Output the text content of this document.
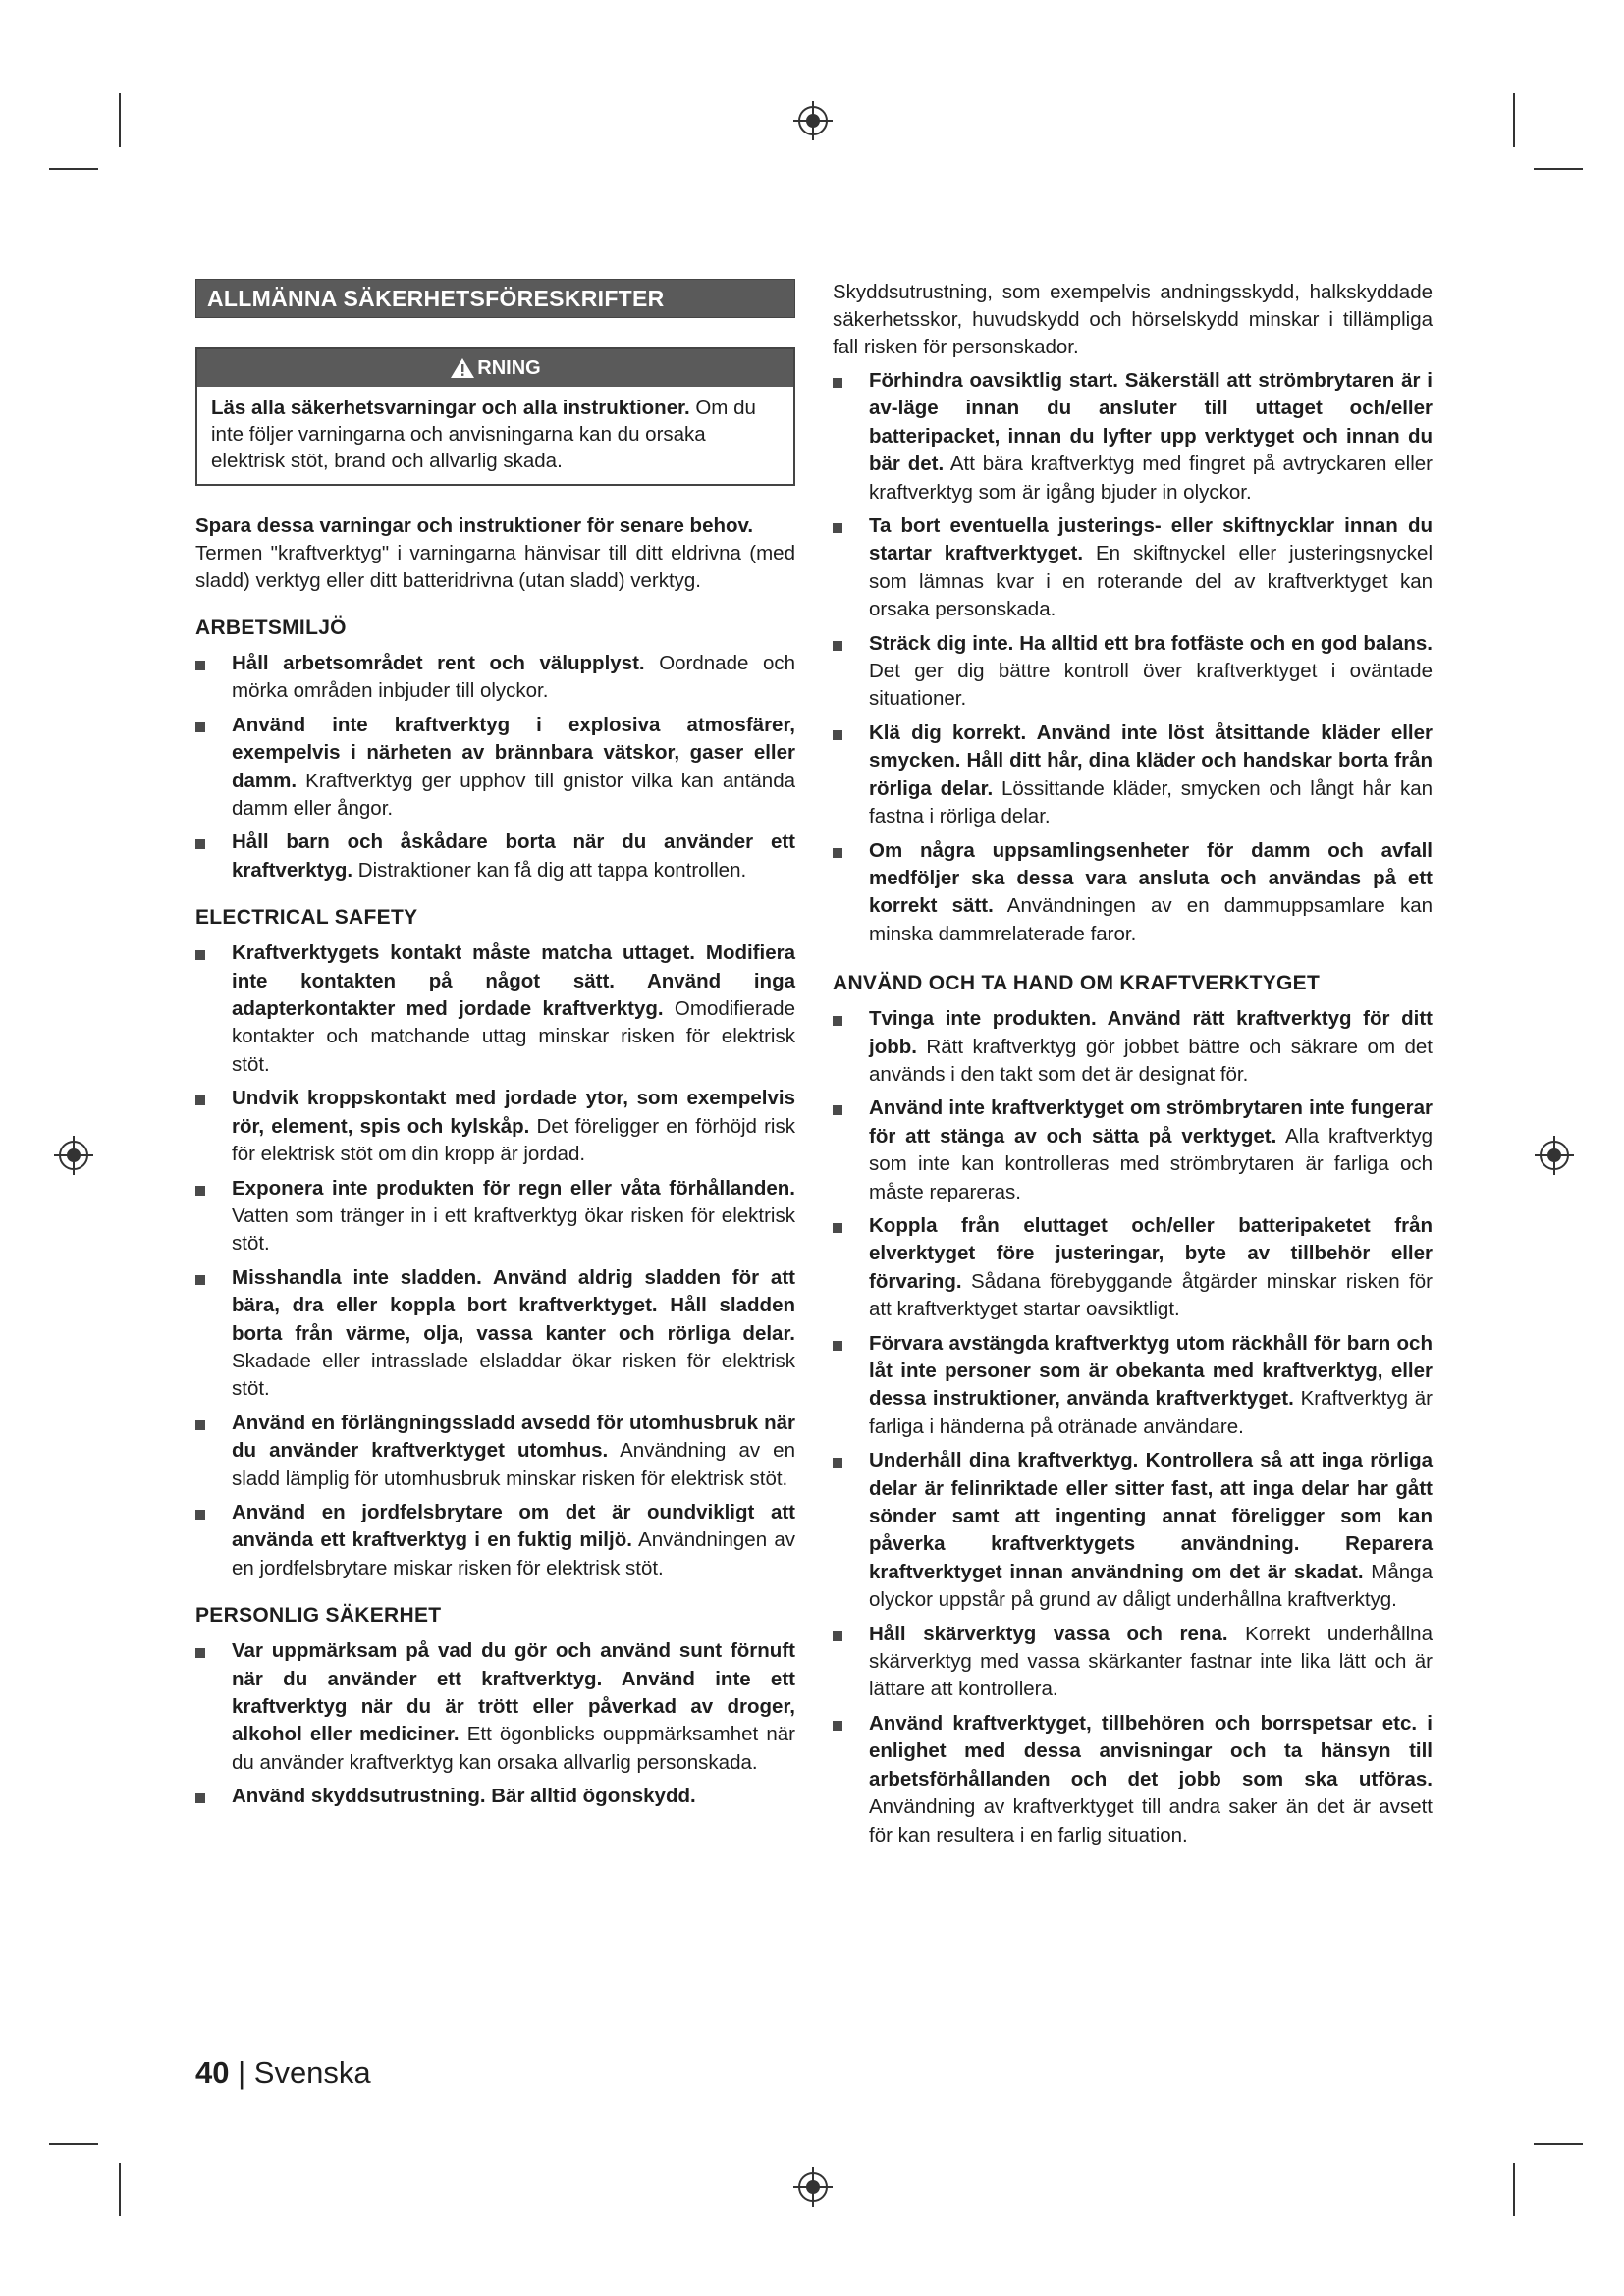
ALLMÄNNA SÄKERHETSFÖRESKRIFTER
RNING
Läs alla säkerhetsvarningar och alla instruktioner. Om du inte följer varningarna och anvisningarna kan du orsaka elektrisk stöt, brand och allvarlig skada.

Spara dessa varningar och instruktioner för senare behov.

Termen "kraftverktyg" i varningarna hänvisar till ditt eldrivna (med sladd) verktyg eller ditt batteridrivna (utan sladd) verktyg.

ARBETSMILJÖ
Håll arbetsområdet rent och välupplyst. Oordnade och mörka områden inbjuder till olyckor.
Använd inte kraftverktyg i explosiva atmosfärer, exempelvis i närheten av brännbara vätskor, gaser eller damm. Kraftverktyg ger upphov till gnistor vilka kan antända damm eller ångor.
Håll barn och åskådare borta när du använder ett kraftverktyg. Distraktioner kan få dig att tappa kontrollen.
ELECTRICAL SAFETY
Kraftverktygets kontakt måste matcha uttaget. Modifiera inte kontakten på något sätt. Använd inga adapterkontakter med jordade kraftverktyg. Omodifierade kontakter och matchande uttag minskar risken för elektrisk stöt.
Undvik kroppskontakt med jordade ytor, som exempelvis rör, element, spis och kylskåp. Det föreligger en förhöjd risk för elektrisk stöt om din kropp är jordad.
Exponera inte produkten för regn eller våta förhållanden. Vatten som tränger in i ett kraftverktyg ökar risken för elektrisk stöt.
Misshandla inte sladden. Använd aldrig sladden för att bära, dra eller koppla bort kraftverktyget. Håll sladden borta från värme, olja, vassa kanter och rörliga delar. Skadade eller intrasslade elsladdar ökar risken för elektrisk stöt.
Använd en förlängningssladd avsedd för utomhusbruk när du använder kraftverktyget utomhus. Användning av en sladd lämplig för utomhusbruk minskar risken för elektrisk stöt.
Använd en jordfelsbrytare om det är oundvikligt att använda ett kraftverktyg i en fuktig miljö. Användningen av en jordfelsbrytare miskar risken för elektrisk stöt.
PERSONLIG SÄKERHET
Var uppmärksam på vad du gör och använd sunt förnuft när du använder ett kraftverktyg. Använd inte ett kraftverktyg när du är trött eller påverkad av droger, alkohol eller mediciner. Ett ögonblicks ouppmärksamhet när du använder kraftverktyg kan orsaka allvarlig personskada.
Använd skyddsutrustning. Bär alltid ögonskydd.

Skyddsutrustning, som exempelvis andningsskydd, halkskyddade säkerhetsskor, huvudskydd och hörselskydd minskar i tillämpliga fall risken för personskador.

Förhindra oavsiktlig start. Säkerställ att strömbrytaren är i av-läge innan du ansluter till uttaget och/eller batteripacket, innan du lyfter upp verktyget och innan du bär det. Att bära kraftverktyg med fingret på avtryckaren eller kraftverktyg som är igång bjuder in olyckor.
Ta bort eventuella justerings- eller skiftnycklar innan du startar kraftverktyget. En skiftnyckel eller justeringsnyckel som lämnas kvar i en roterande del av kraftverktyget kan orsaka personskada.
Sträck dig inte. Ha alltid ett bra fotfäste och en god balans. Det ger dig bättre kontroll över kraftverktyget i oväntade situationer.
Klä dig korrekt. Använd inte löst åtsittande kläder eller smycken. Håll ditt hår, dina kläder och handskar borta från rörliga delar. Lössittande kläder, smycken och långt hår kan fastna i rörliga delar.
Om några uppsamlingsenheter för damm och avfall medföljer ska dessa vara ansluta och användas på ett korrekt sätt. Användningen av en dammuppsamlare kan minska dammrelaterade faror.
ANVÄND OCH TA HAND OM KRAFTVERKTYGET
Tvinga inte produkten. Använd rätt kraftverktyg för ditt jobb. Rätt kraftverktyg gör jobbet bättre och säkrare om det används i den takt som det är designat för.
Använd inte kraftverktyget om strömbrytaren inte fungerar för att stänga av och sätta på verktyget. Alla kraftverktyg som inte kan kontrolleras med strömbrytaren är farliga och måste repareras.
Koppla från eluttaget och/eller batteripaketet från elverktyget före justeringar, byte av tillbehör eller förvaring. Sådana förebyggande åtgärder minskar risken för att kraftverktyget startar oavsiktligt.
Förvara avstängda kraftverktyg utom räckhåll för barn och låt inte personer som är obekanta med kraftverktyg, eller dessa instruktioner, använda kraftverktyget. Kraftverktyg är farliga i händerna på otränade användare.
Underhåll dina kraftverktyg. Kontrollera så att inga rörliga delar är felinriktade eller sitter fast, att inga delar har gått sönder samt att ingenting annat föreligger som kan påverka kraftverktygets användning. Reparera kraftverktyget innan användning om det är skadat. Många olyckor uppstår på grund av dåligt underhållna kraftverktyg.
Håll skärverktyg vassa och rena. Korrekt underhållna skärverktyg med vassa skärkanter fastnar inte lika lätt och är lättare att kontrollera.
Använd kraftverktyget, tillbehören och borrspetsar etc. i enlighet med dessa anvisningar och ta hänsyn till arbetsförhållanden och det jobb som ska utföras. Användning av kraftverktyget till andra saker än det är avsett för kan resultera i en farlig situation.
40 | Svenska
